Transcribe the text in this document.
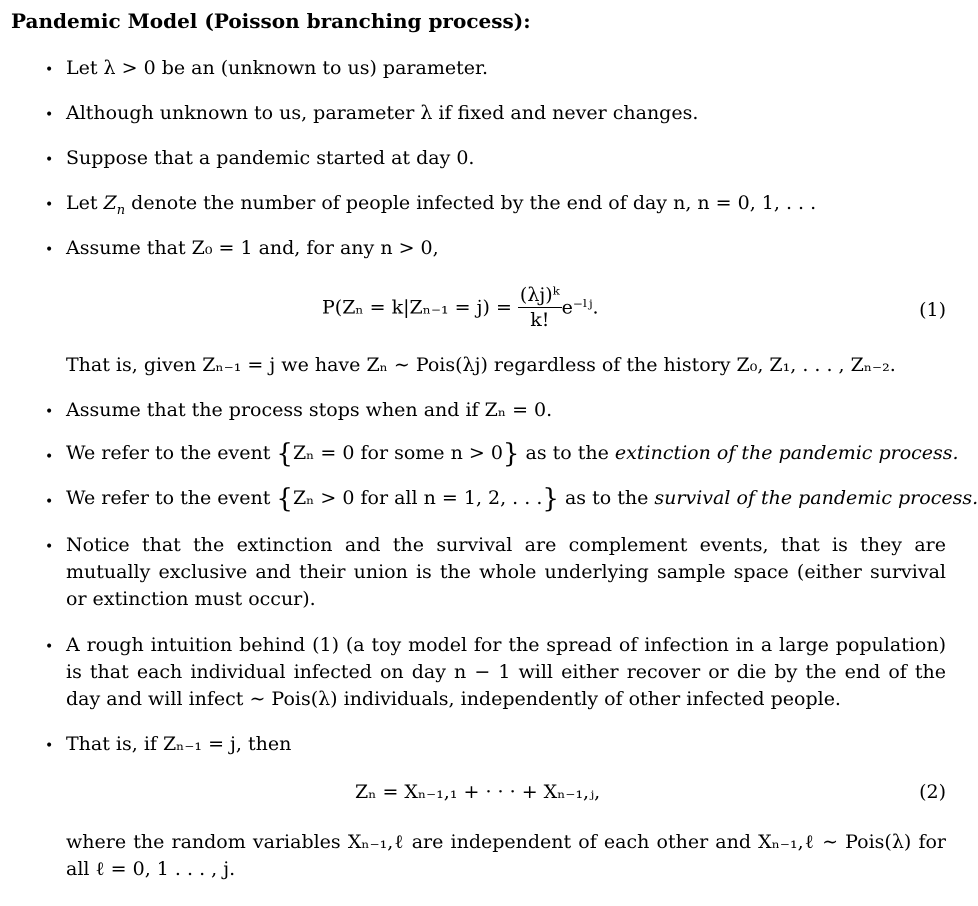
Pandemic Model (Poisson branching process):
• Let λ > 0 be an (unknown to us) parameter.
• Although unknown to us, parameter λ if fixed and never changes.
• Suppose that a pandemic started at day 0.
• Let $Z_n$ denote the number of people infected by the end of day n, n = 0, 1, . . .
• Assume that Z₀ = 1 and, for any n > 0,
$P(Z_n = k|Z_{n-1} = j) = \frac{\text{(λj)ᵏ}}{k!}$ e⁻ˡʲ.	(1)
That is, given Zₙ₋₁ = j we have Zₙ ∼ Pois(λj) regardless of the history Z₀, Z₁, . . . , Zₙ₋₂.
• Assume that the process stops when and if Zₙ = 0.
• We refer to the event {Zₙ = 0 for some n > 0} as to the extinction of the pandemic process.
• We refer to the event {Zₙ > 0 for all n = 1, 2, . . .} as to the survival of the pandemic process.
• Notice that the extinction and the survival are complement events, that is they are mutually exclusive and their union is the whole underlying sample space (either survival or extinction must occur).
• A rough intuition behind (1) (a toy model for the spread of infection in a large population) is that each individual infected on day n − 1 will either recover or die by the end of the day and will infect ∼ Pois(λ) individuals, independently of other infected people.
• That is, if Zₙ₋₁ = j, then
Zₙ = Xₙ₋₁,₁ + · · · + Xₙ₋₁,ⱼ,	(2)
where the random variables Xₙ₋₁,ℓ are independent of each other and Xₙ₋₁,ℓ ∼ Pois(λ) for all ℓ = 0, 1 . . . , j.
